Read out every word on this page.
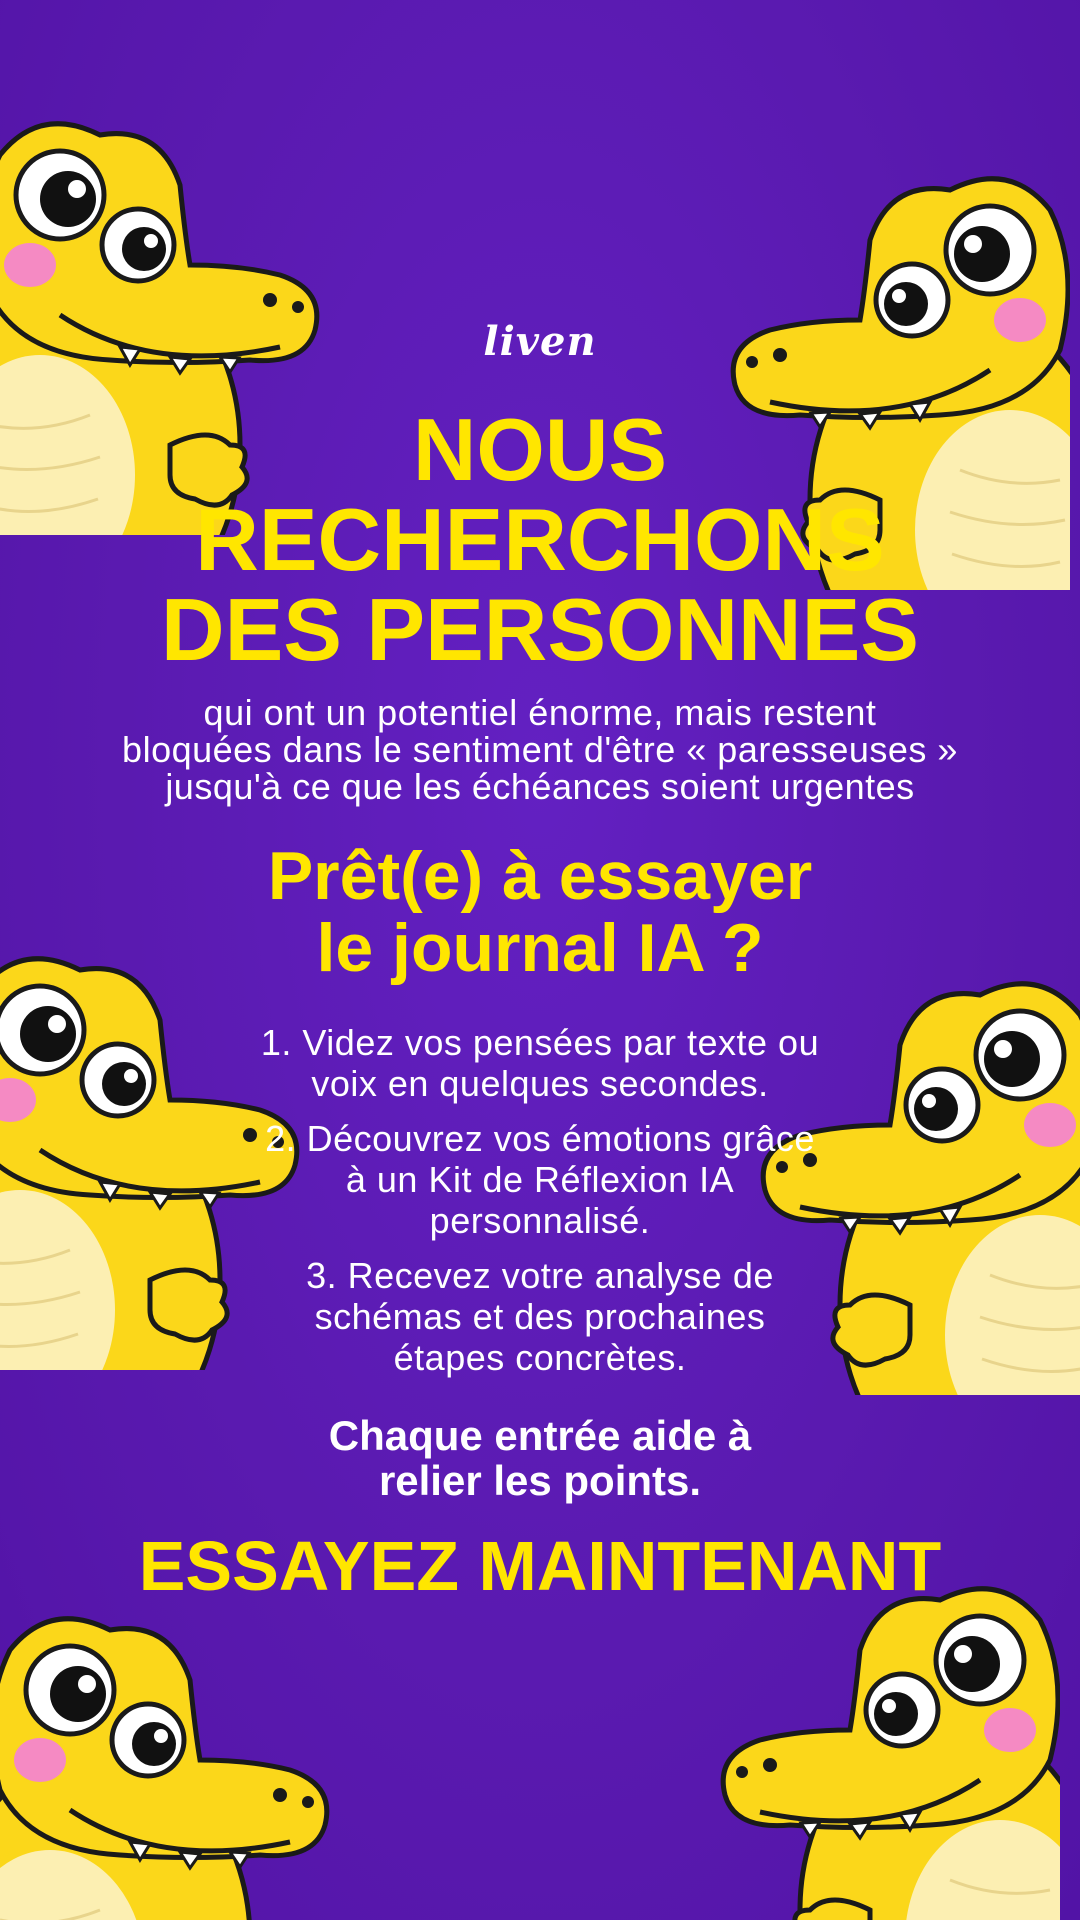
liven
NOUS
RECHERCHONS
DES PERSONNES
qui ont un potentiel énorme, mais restent
bloquées dans le sentiment d'être « paresseuses »
jusqu'à ce que les échéances soient urgentes
Prêt(e) à essayer
le journal IA ?
1. Videz vos pensées par texte ou
voix en quelques secondes.
2. Découvrez vos émotions grâce
à un Kit de Réflexion IA
personnalisé.
3. Recevez votre analyse de
schémas et des prochaines
étapes concrètes.
Chaque entrée aide à
relier les points.
ESSAYEZ MAINTENANT
